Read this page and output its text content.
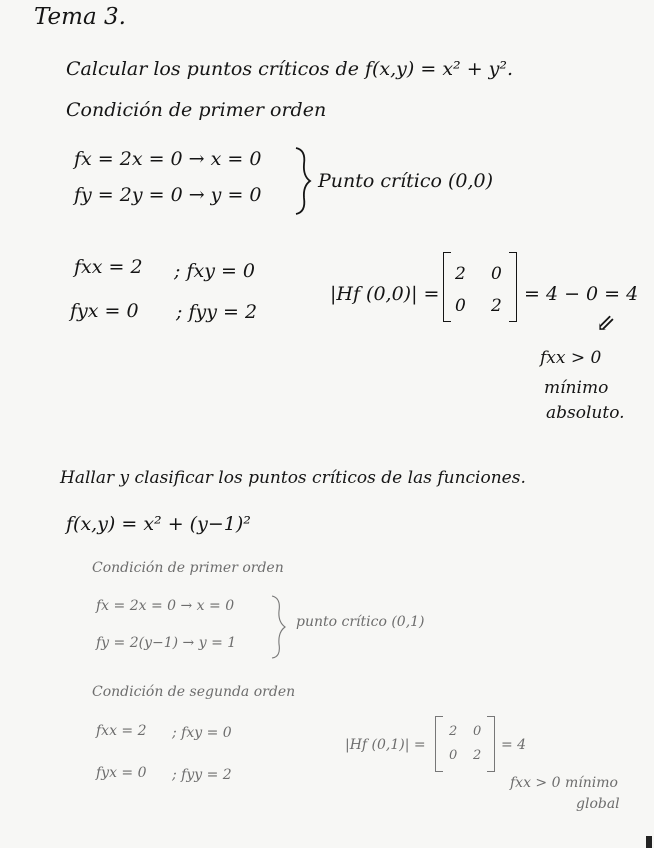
Tema 3.
Calcular los puntos críticos de f(x,y) = x² + y².
Condición de primer orden
fx = 2x = 0 → x = 0
fy = 2y = 0 → y = 0
Punto crítico (0,0)
fxx = 2 ; fxy = 0
fyx = 0 ; fyy = 2
|Hf (0,0)| =
2 0
0 2
= 4 − 0 = 4
⇙
fxx > 0
mínimo
absoluto.
Hallar y clasificar los puntos críticos de las funciones.
f(x,y) = x² + (y−1)²
Condición de primer orden
fx = 2x = 0 → x = 0
fy = 2(y−1) → y = 1
punto crítico (0,1)
Condición de segunda orden
fxx = 2 ; fxy = 0
fyx = 0 ; fyy = 2
|Hf (0,1)| =
2 0
0 2
= 4
fxx > 0 mínimo
global
